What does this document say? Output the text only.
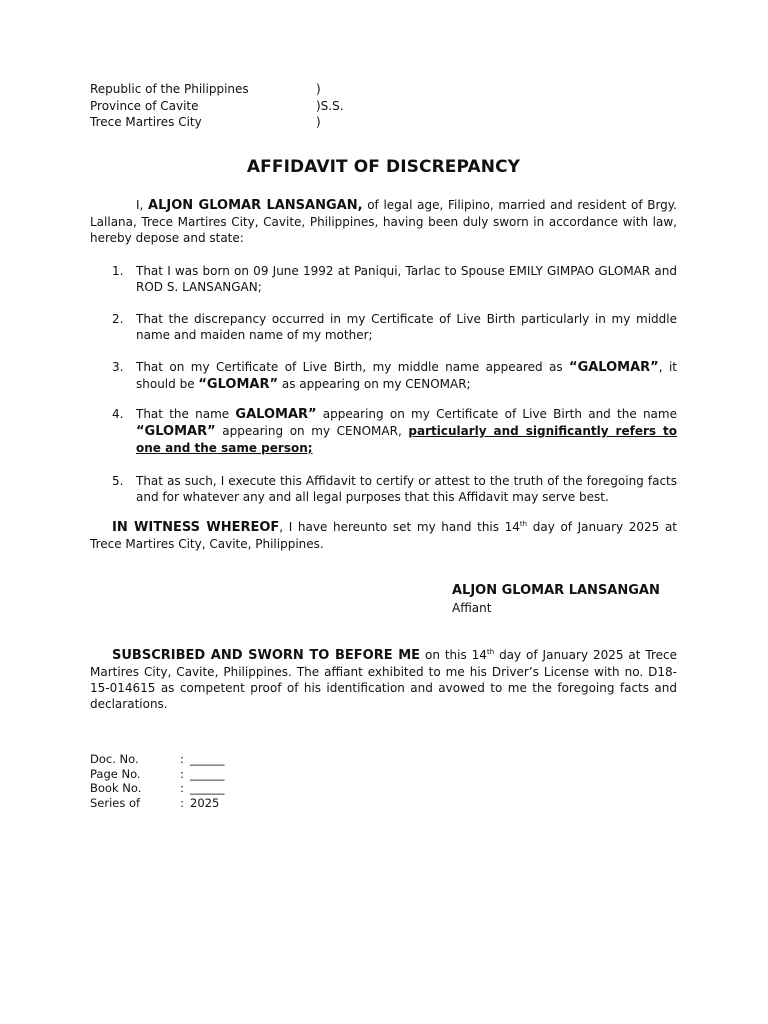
Republic of the Philippines	)
Province of Cavite	)S.S.
Trece Martires City	)
AFFIDAVIT OF DISCREPANCY
I, ALJON GLOMAR LANSANGAN, of legal age, Filipino, married and resident of Brgy. Lallana, Trece Martires City, Cavite, Philippines, having been duly sworn in accordance with law, hereby depose and state:
1. That I was born on 09 June 1992 at Paniqui, Tarlac to Spouse EMILY GIMPAO GLOMAR and ROD S. LANSANGAN;
2. That the discrepancy occurred in my Certificate of Live Birth particularly in my middle name and maiden name of my mother;
3. That on my Certificate of Live Birth, my middle name appeared as “GALOMAR”, it should be “GLOMAR” as appearing on my CENOMAR;
4. That the name GALOMAR” appearing on my Certificate of Live Birth and the name “GLOMAR” appearing on my CENOMAR, particularly and significantly refers to one and the same person;
5. That as such, I execute this Affidavit to certify or attest to the truth of the foregoing facts and for whatever any and all legal purposes that this Affidavit may serve best.
IN WITNESS WHEREOF, I have hereunto set my hand this 14th day of January 2025 at Trece Martires City, Cavite, Philippines.
ALJON GLOMAR LANSANGAN
Affiant
SUBSCRIBED AND SWORN TO BEFORE ME on this 14th day of January 2025 at Trece Martires City, Cavite, Philippines. The affiant exhibited to me his Driver’s License with no. D18-15-014615 as competent proof of his identification and avowed to me the foregoing facts and declarations.
Doc. No.	: ______
Page No.	: ______
Book No.	: ______
Series of	: 2025
